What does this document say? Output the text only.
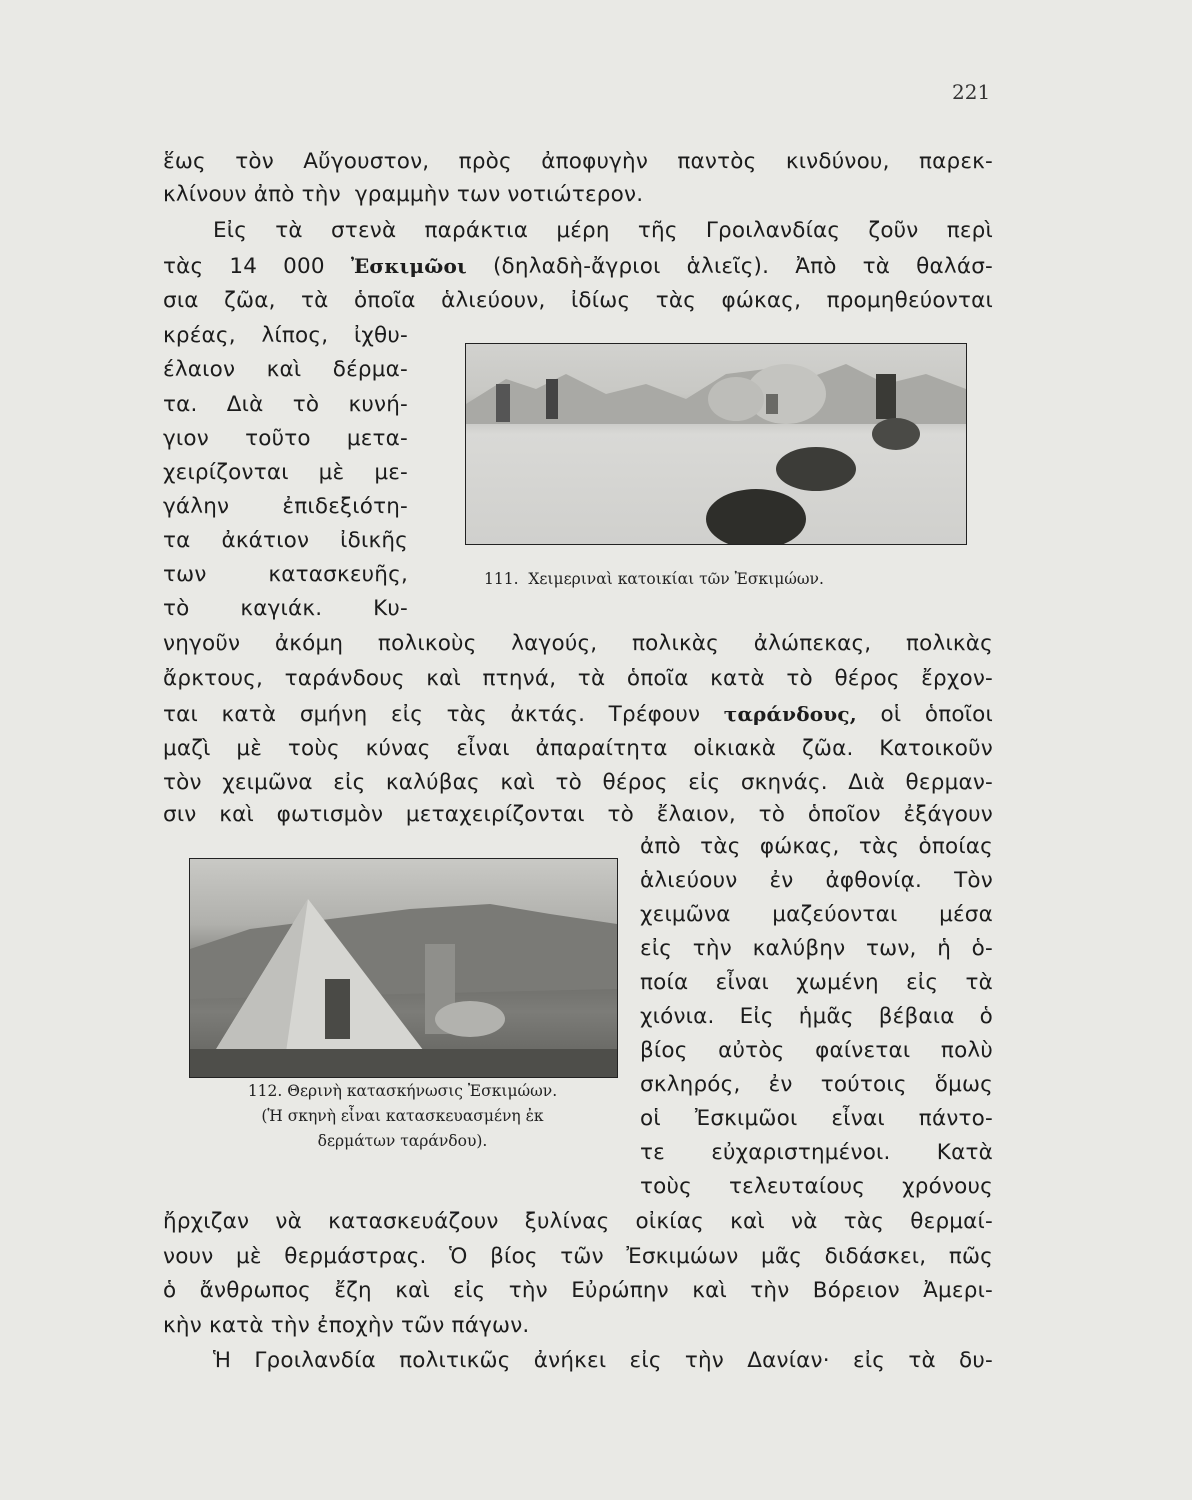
221
ἕως τὸν Αὔγουστον, πρὸς ἀποφυγὴν παντὸς κινδύνου, παρεκ-
κλίνουν ἀπὸ τὴν  γραμμὴν των νοτιώτερον.
Εἰς τὰ στενὰ παράκτια μέρη τῆς Γροιλανδίας ζοῦν περὶ
τὰς 14 000 Ἐσκιμῶοι (δηλαδὴ-ἄγριοι ἁλιεῖς). Ἀπὸ τὰ θαλάσ-
σια ζῶα, τὰ ὁποῖα ἁλιεύουν, ἰδίως τὰς φώκας, προμηθεύονται
κρέας, λίπος, ἰχθυ-
έλαιον καὶ δέρμα-
τα. Διὰ τὸ κυνή-
γιον τοῦτο μετα-
χειρίζονται μὲ με-
γάλην ἐπιδεξιότη-
τα ἀκάτιον ἰδικῆς
των κατασκευῆς,
τὸ καγιάκ. Κυ-
111.  Χειμεριναὶ κατοικίαι τῶν Ἐσκιμώων.
νηγοῦν ἀκόμη πολικοὺς λαγούς, πολικὰς ἀλώπεκας, πολικὰς
ἄρκτους, ταράνδους καὶ πτηνά, τὰ ὁποῖα κατὰ τὸ θέρος ἔρχον-
ται κατὰ σμήνη εἰς τὰς ἀκτάς. Τρέφουν ταράνδους, οἱ ὁποῖοι
μαζὶ μὲ τοὺς κύνας εἶναι ἀπαραίτητα οἰκιακὰ ζῶα. Κατοικοῦν
τὸν χειμῶνα εἰς καλύβας καὶ τὸ θέρος εἰς σκηνάς. Διὰ θερμαν-
σιν καὶ φωτισμὸν μεταχειρίζονται τὸ ἔλαιον, τὸ ὁποῖον ἐξάγουν
112. Θερινὴ κατασκήνωσις Ἐσκιμώων.
(Ἡ σκηνὴ εἶναι κατασκευασμένη ἐκ
δερμάτων ταράνδου).
ἀπὸ τὰς φώκας, τὰς ὁποίας
ἁλιεύουν ἐν ἀφθονίᾳ. Τὸν
χειμῶνα μαζεύονται μέσα
εἰς τὴν καλύβην των, ἡ ὁ-
ποία εἶναι χωμένη εἰς τὰ
χιόνια. Εἰς ἡμᾶς βέβαια ὁ
βίος αὐτὸς φαίνεται πολὺ
σκληρός, ἐν τούτοις ὅμως
οἱ Ἐσκιμῶοι εἶναι πάντο-
τε εὐχαριστημένοι. Κατὰ
τοὺς τελευταίους χρόνους
ἤρχιζαν νὰ κατασκευάζουν ξυλίνας οἰκίας καὶ νὰ τὰς θερμαί-
νουν μὲ θερμάστρας. Ὁ βίος τῶν Ἐσκιμώων μᾶς διδάσκει, πῶς
ὁ ἄνθρωπος ἔζη καὶ εἰς τὴν Εὐρώπην καὶ τὴν Βόρειον Ἀμερι-
κὴν κατὰ τὴν ἐποχὴν τῶν πάγων.
Ἡ Γροιλανδία πολιτικῶς ἀνήκει εἰς τὴν Δανίαν· εἰς τὰ δυ-
